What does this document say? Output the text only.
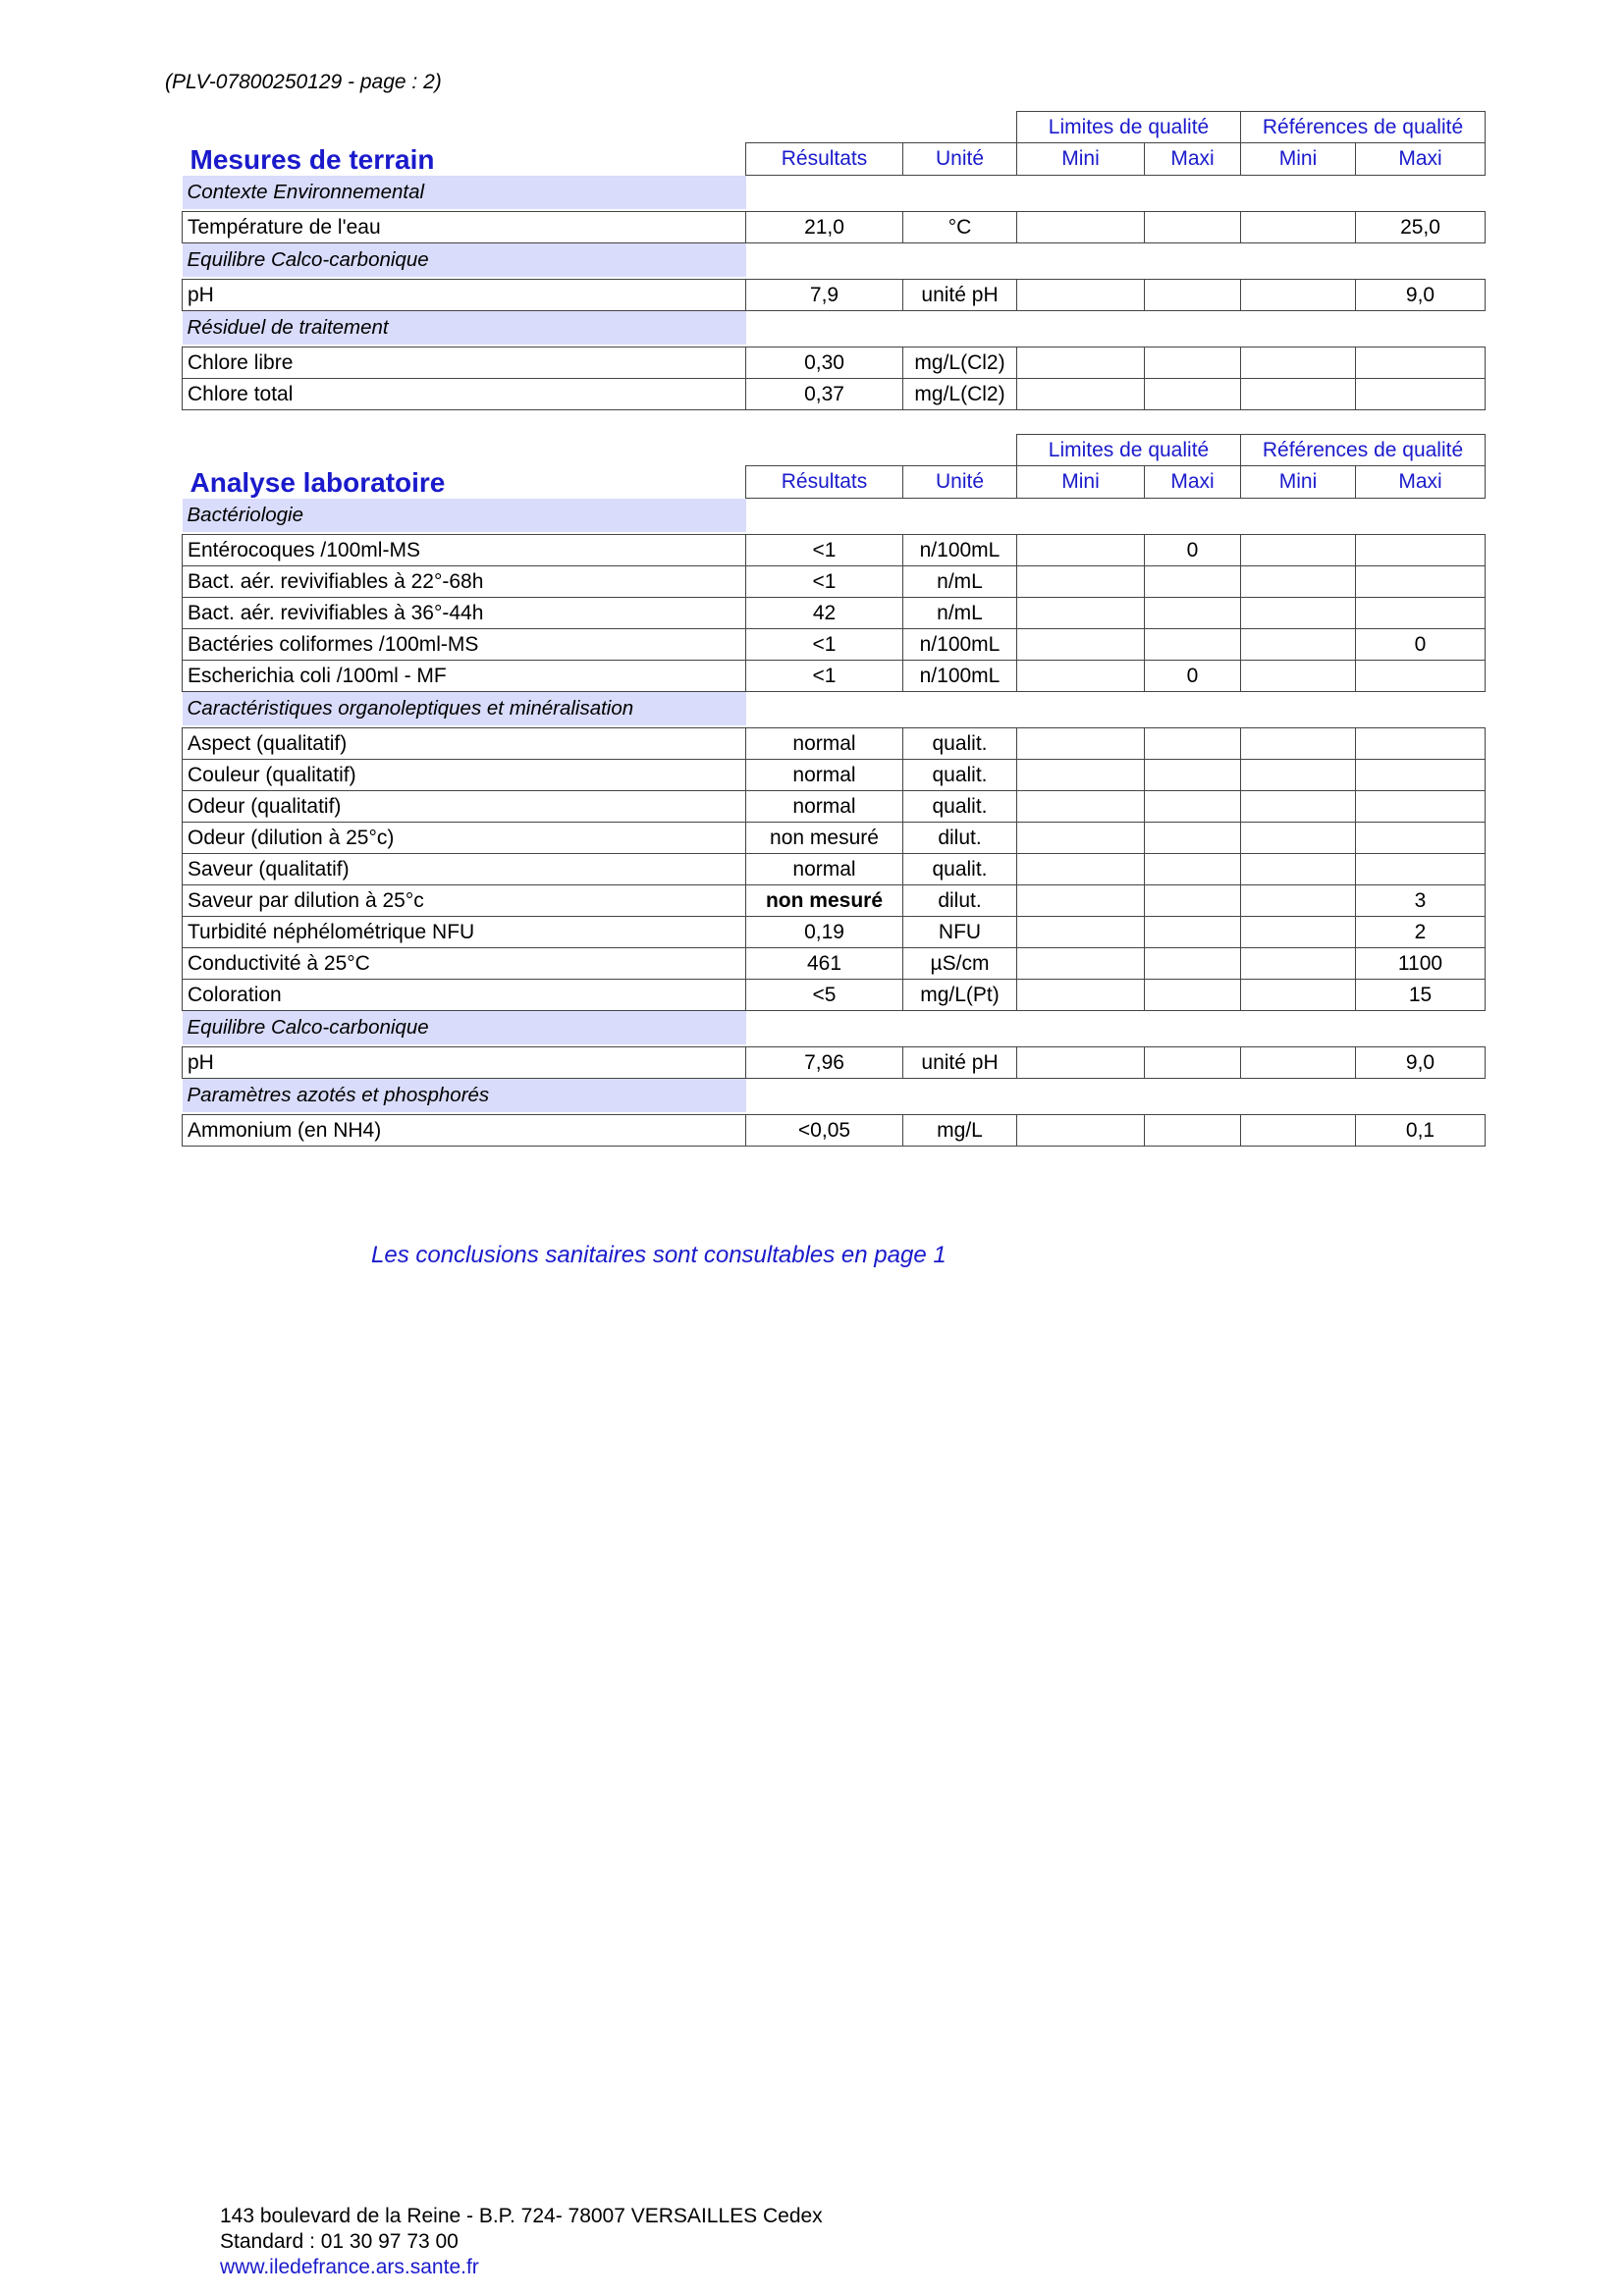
(PLV-07800250129 - page : 2)
			Limites de qualité		Références de qualité	
Mesures de terrain	Résultats	Unité	Mini	Maxi	Mini	Maxi
Contexte Environnemental						

Température de l'eau	21,0	°C				25,0
Equilibre Calco-carbonique						

pH	7,9	unité pH				9,0
Résiduel de traitement						

Chlore libre	0,30	mg/L(Cl2)				
Chlore total	0,37	mg/L(Cl2)				
			Limites de qualité		Références de qualité	
Analyse laboratoire	Résultats	Unité	Mini	Maxi	Mini	Maxi
Bactériologie						

Entérocoques /100ml-MS	<1	n/100mL		0		
Bact. aér. revivifiables à 22°-68h	<1	n/mL				
Bact. aér. revivifiables à 36°-44h	42	n/mL				
Bactéries coliformes /100ml-MS	<1	n/100mL				0
Escherichia coli /100ml - MF	<1	n/100mL		0		
Caractéristiques organoleptiques et minéralisation						

Aspect (qualitatif)	normal	qualit.				
Couleur (qualitatif)	normal	qualit.				
Odeur (qualitatif)	normal	qualit.				
Odeur (dilution à 25°c)	non mesuré	dilut.				
Saveur (qualitatif)	normal	qualit.				
Saveur par dilution à 25°c	non mesuré	dilut.				3
Turbidité néphélométrique NFU	0,19	NFU				2
Conductivité à 25°C	461	µS/cm				1100
Coloration	<5	mg/L(Pt)				15
Equilibre Calco-carbonique						

pH	7,96	unité pH				9,0
Paramètres azotés et phosphorés						

Ammonium (en NH4)	<0,05	mg/L				0,1
Les conclusions sanitaires sont consultables en page 1
143 boulevard de la Reine - B.P. 724- 78007 VERSAILLES Cedex
Standard : 01 30 97 73 00
www.iledefrance.ars.sante.fr
